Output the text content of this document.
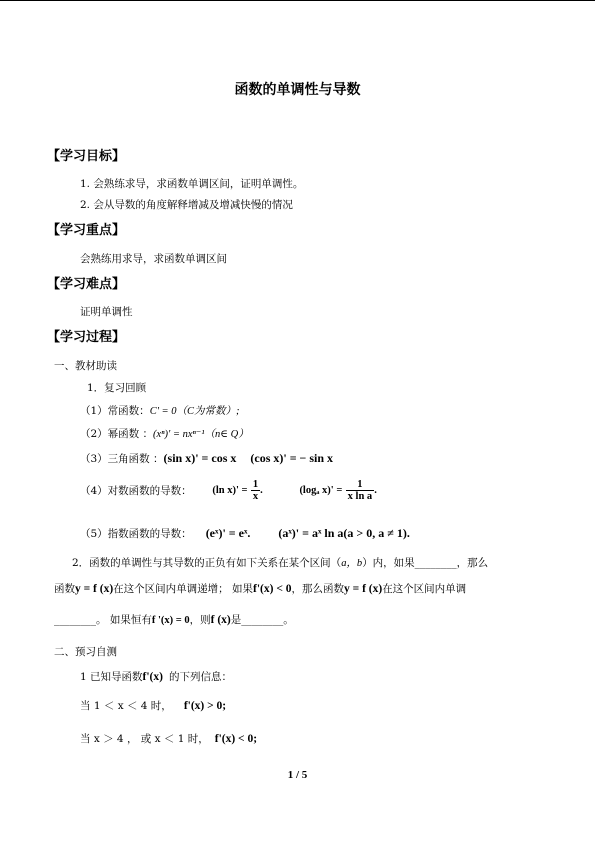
函数的单调性与导数
【学习目标】
1. 会熟练求导，求函数单调区间，证明单调性。
2. 会从导数的角度解释增减及增减快慢的情况
【学习重点】
会熟练用求导，求函数单调区间
【学习难点】
证明单调性
【学习过程】
一、教材助读
1．复习回顾
（1）常函数：C' = 0（C为常数）;
（2）幂函数 ：(xⁿ)' = nxⁿ⁻¹（n∈ Q）
（3）三角函数 ：(sin x)' = cos x (cos x)' = − sin x
（4）对数函数的导数： (ln $x)' = \frac{1}{x}$ .	(logₐ $x)' = \frac{1}{\text{x ln a}}$ .
（5）指数函数的导数： (eˣ)' = eˣ. (aˣ)' = aˣ ln a(a > 0, a ≠ 1).
2．函数的单调性与其导数的正负有如下关系在某个区间（a，b）内，如果________，那么
函数y = f (x)在这个区间内单调递增； 如果f'(x) < 0，那么函数y = f (x)在这个区间内单调
________。 如果恒有f '(x) = 0，则f (x)是________。
二、预习自测
1 已知导函数f'(x) 的下列信息：
当 1 ＜ x ＜ 4 时， f'(x) > 0;
当 x ＞ 4 ， 或 x ＜ 1 时， f'(x) < 0;
1 / 5
